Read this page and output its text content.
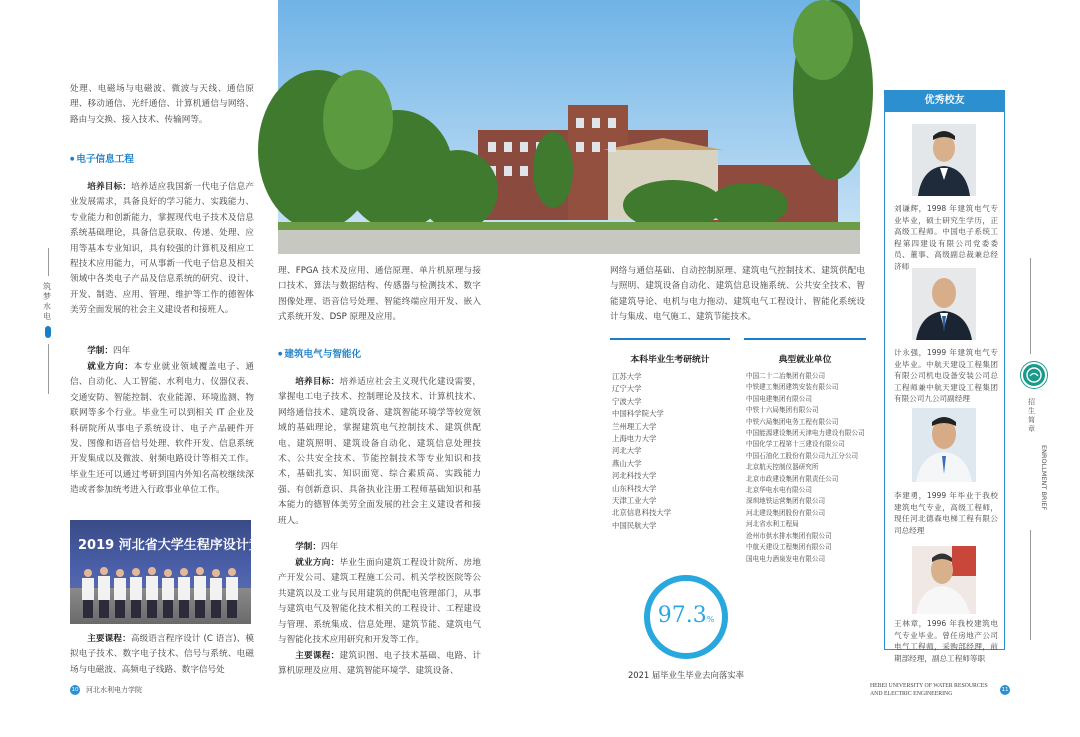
处理、电磁场与电磁波、微波与天线、通信原理、移动通信、光纤通信、计算机通信与网络、路由与交换、接入技术、传输网等。
● 电子信息工程
培养目标：培养适应我国新一代电子信息产业发展需求，具备良好的学习能力、实践能力、专业能力和创新能力，掌握现代电子技术及信息系统基础理论，具备信息获取、传递、处理、应用等基本专业知识，具有较强的计算机及相应工程技术应用能力，可从事新一代电子信息及相关领域中各类电子产品及信息系统的研究、设计、开发、制造、应用、管理、维护等工作的德智体美劳全面发展的社会主义建设者和接班人。
学制：四年
就业方向：本专业就业领域覆盖电子、通信、自动化、人工智能、水利电力、仪器仪表、交通安防、智能控制、农业能源、环境监测、物联网等多个行业。毕业生可以到相关 IT 企业及科研院所从事电子系统设计、电子产品硬件开发、图像和语音信号处理、软件开发、信息系统开发集成以及微波、射频电路设计等相关工作。毕业生还可以通过考研到国内外知名高校继续深造或者参加统考进入行政事业单位工作。
2019 河北省大学生程序设计竞赛
主要课程：高级语言程序设计 (C 语言)、模拟电子技术、数字电子技术、信号与系统、电磁场与电磁波、高频电子线路、数字信号处
筑梦水电
理、FPGA 技术及应用、通信原理、单片机原理与接口技术、算法与数据结构、传感器与检测技术、数字图像处理、语音信号处理、智能终端应用开发、嵌入式系统开发、DSP 原理及应用。
● 建筑电气与智能化
培养目标：培养适应社会主义现代化建设需要，掌握电工电子技术、控制理论及技术、计算机技术、网络通信技术、建筑设备、建筑智能环境学等较宽领域的基础理论，掌握建筑电气控制技术、建筑供配电、建筑照明、建筑设备自动化、建筑信息处理技术、公共安全技术、节能控制技术等专业知识和技术，基础扎实、知识面宽、综合素质高、实践能力强、有创新意识、具备执业注册工程师基础知识和基本能力的德智体美劳全面发展的社会主义建设者和接班人。
学制：四年
就业方向：毕业生面向建筑工程设计院所、房地产开发公司、建筑工程施工公司、机关学校医院等公共建筑以及工业与民用建筑的供配电管理部门，从事与建筑电气及智能化技术相关的工程设计、工程建设与管理、系统集成、信息处理、建筑节能、建筑电气与智能化技术应用研究和开发等工作。
主要课程：建筑识图、电子技术基础、电路、计算机原理及应用、建筑智能环境学、建筑设备、
网络与通信基础、自动控制原理、建筑电气控制技术、建筑供配电与照明、建筑设备自动化、建筑信息设施系统、公共安全技术、智能建筑导论、电机与电力拖动、建筑电气工程设计、智能化系统设计与集成、电气施工、建筑节能技术。
本科毕业生考研统计
江苏大学
辽宁大学
宁波大学
中国科学院大学
兰州理工大学
上海电力大学
河北大学
燕山大学
河北科技大学
山东科技大学
天津工业大学
北京信息科技大学
中国民航大学
典型就业单位
中国二十二冶集团有限公司
中铁建工集团建筑安装有限公司
中国电建集团有限公司
中铁十六局集团有限公司
中铁六局集团电务工程有限公司
中国能源建设集团天津电力建设有限公司
中国化学工程第十三建设有限公司
中国石油化工股份有限公司九江分公司
北京航天控制仪器研究所
北京市政建设集团有限责任公司
北京华电水电有限公司
深圳地铁运营集团有限公司
河北建设集团股份有限公司
河北省水利工程局
沧州市供水排水集团有限公司
中航天建设工程集团有限公司
国电电力酒泉发电有限公司
97.3%
2021 届毕业生毕业去向落实率
优秀校友
刘谦辉，1998 年建筑电气专业毕业，硕士研究生学历，正高级工程师。中国电子系统工程第四建设有限公司党委委员、董事、高级副总裁兼总经济师
计永强，1999 年建筑电气专业毕业。中航天建设工程集团有限公司机电设备安装公司总工程师兼中航天建设工程集团有限公司九公司副经理
李建勇，1999 年毕业于我校建筑电气专业，高级工程师，现任河北德森电梯工程有限公司总经理
王林章，1996 年我校建筑电气专业毕业。曾任房地产公司电气工程师，采购部经理，前期部经理，副总工程师等职
招生简章
ENROLLMENT BRIEF
10 河北水利电力学院	HEBEI UNIVERSITY OF WATER RESOURCES
AND ELECTRIC ENGINEERING
11
